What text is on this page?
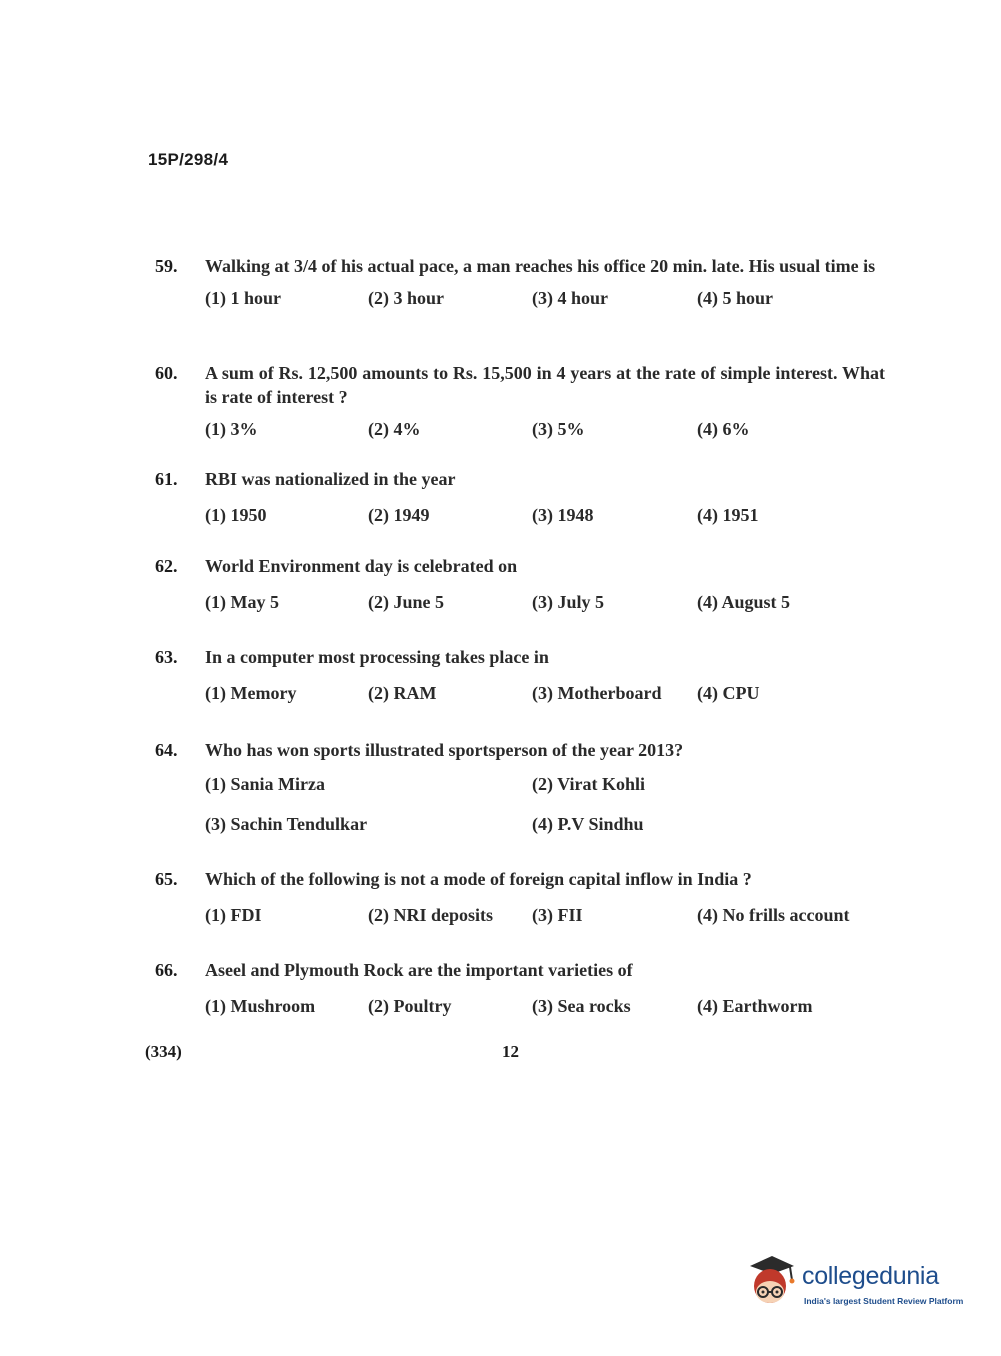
15P/298/4
59.	Walking at 3/4 of his actual pace, a man reaches his office 20 min. late. His usual time is
(1) 1 hour	(2) 3 hour	(3) 4 hour	(4) 5 hour
60.	A sum of Rs. 12,500 amounts to Rs. 15,500 in 4 years at the rate of simple interest. What is rate of interest ?
(1) 3%	(2) 4%	(3) 5%	(4) 6%
61.	RBI was nationalized in the year
(1) 1950	(2) 1949	(3) 1948	(4) 1951
62.	World Environment day is celebrated on
(1) May 5	(2) June 5	(3) July 5	(4) August 5
63.	In a computer most processing takes place in
(1) Memory	(2) RAM	(3) Motherboard (4) CPU
64.	Who has won sports illustrated sportsperson of the year 2013?
(1) Sania Mirza	(2) Virat Kohli
(3) Sachin Tendulkar	(4) P.V Sindhu
65.	Which of the following is not a mode of foreign capital inflow in India ?
(1) FDI	(2) NRI deposits (3) FII	(4) No frills account
66.	Aseel and Plymouth Rock are the important varieties of
(1) Mushroom	(2) Poultry	(3) Sea rocks	(4) Earthworm
(334)	12
collegedunia
India's largest Student Review Platform
